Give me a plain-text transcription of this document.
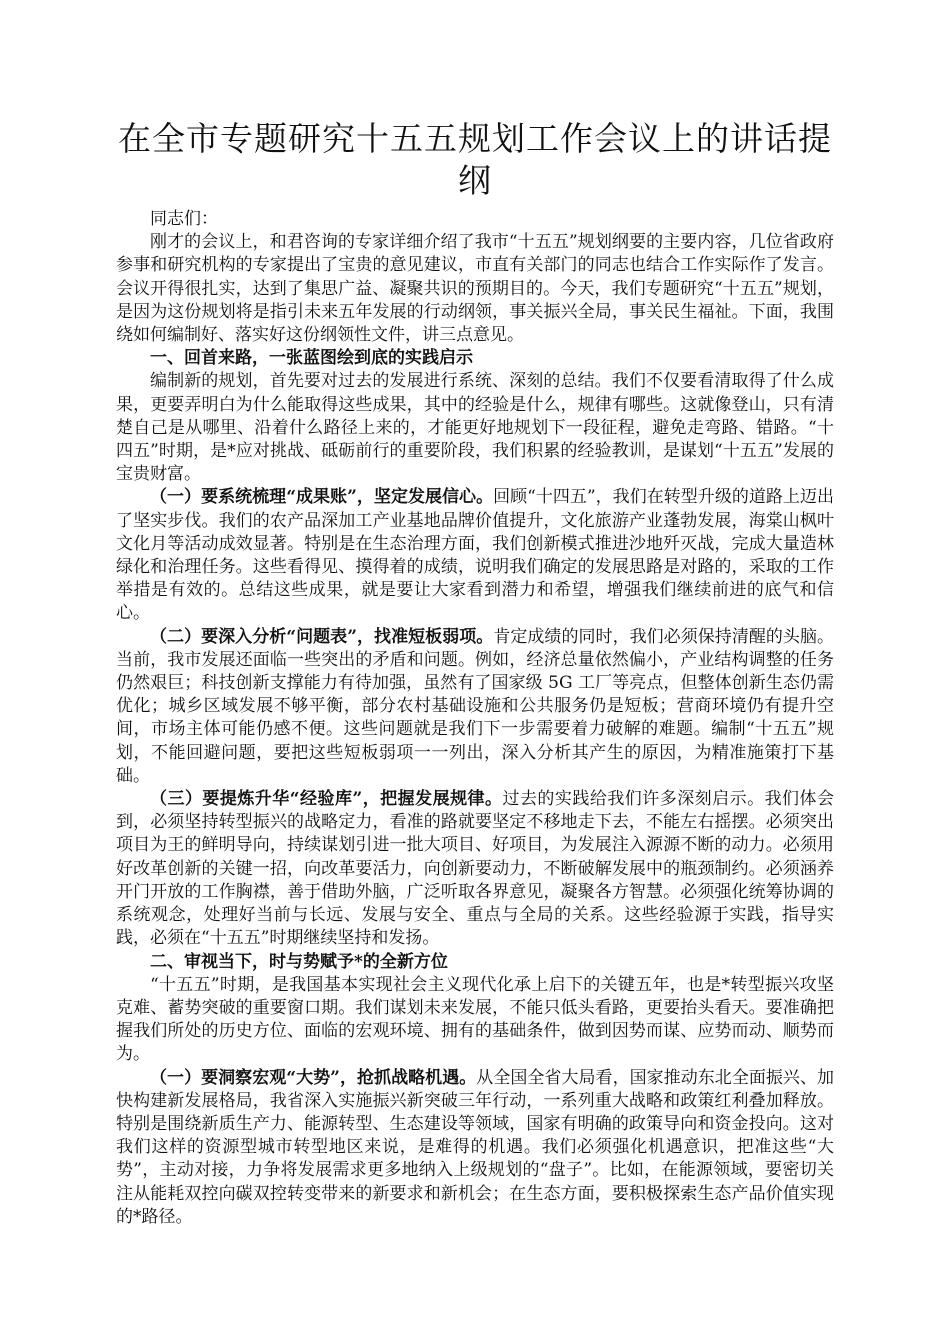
在全市专题研究十五五规划工作会议上的讲话提纲

同志们：

刚才的会议上，和君咨询的专家详细介绍了我市“十五五”规划纲要的主要内容，几位省政府参事和研究机构的专家提出了宝贵的意见建议，市直有关部门的同志也结合工作实际作了发言。会议开得很扎实，达到了集思广益、凝聚共识的预期目的。今天，我们专题研究“十五五”规划，是因为这份规划将是指引未来五年发展的行动纲领，事关振兴全局，事关民生福祉。下面，我围绕如何编制好、落实好这份纲领性文件，讲三点意见。

一、回首来路，一张蓝图绘到底的实践启示

编制新的规划，首先要对过去的发展进行系统、深刻的总结。我们不仅要看清取得了什么成果，更要弄明白为什么能取得这些成果，其中的经验是什么，规律有哪些。这就像登山，只有清楚自己是从哪里、沿着什么路径上来的，才能更好地规划下一段征程，避免走弯路、错路。“十四五”时期，是*应对挑战、砥砺前行的重要阶段，我们积累的经验教训，是谋划“十五五”发展的宝贵财富。

（一）要系统梳理“成果账”，坚定发展信心。回顾“十四五”，我们在转型升级的道路上迈出了坚实步伐。我们的农产品深加工产业基地品牌价值提升，文化旅游产业蓬勃发展，海棠山枫叶文化月等活动成效显著。特别是在生态治理方面，我们创新模式推进沙地歼灭战，完成大量造林绿化和治理任务。这些看得见、摸得着的成绩，说明我们确定的发展思路是对路的，采取的工作举措是有效的。总结这些成果，就是要让大家看到潜力和希望，增强我们继续前进的底气和信心。

（二）要深入分析“问题表”，找准短板弱项。肯定成绩的同时，我们必须保持清醒的头脑。当前，我市发展还面临一些突出的矛盾和问题。例如，经济总量依然偏小，产业结构调整的任务仍然艰巨；科技创新支撑能力有待加强，虽然有了国家级 5G 工厂等亮点，但整体创新生态仍需优化；城乡区域发展不够平衡，部分农村基础设施和公共服务仍是短板；营商环境仍有提升空间，市场主体可能仍感不便。这些问题就是我们下一步需要着力破解的难题。编制“十五五”规划，不能回避问题，要把这些短板弱项一一列出，深入分析其产生的原因，为精准施策打下基础。

（三）要提炼升华“经验库”，把握发展规律。过去的实践给我们许多深刻启示。我们体会到，必须坚持转型振兴的战略定力，看准的路就要坚定不移地走下去，不能左右摇摆。必须突出项目为王的鲜明导向，持续谋划引进一批大项目、好项目，为发展注入源源不断的动力。必须用好改革创新的关键一招，向改革要活力，向创新要动力，不断破解发展中的瓶颈制约。必须涵养开门开放的工作胸襟，善于借助外脑，广泛听取各界意见，凝聚各方智慧。必须强化统筹协调的系统观念，处理好当前与长远、发展与安全、重点与全局的关系。这些经验源于实践，指导实践，必须在“十五五”时期继续坚持和发扬。

二、审视当下，时与势赋予*的全新方位

“十五五”时期，是我国基本实现社会主义现代化承上启下的关键五年，也是*转型振兴攻坚克难、蓄势突破的重要窗口期。我们谋划未来发展，不能只低头看路，更要抬头看天。要准确把握我们所处的历史方位、面临的宏观环境、拥有的基础条件，做到因势而谋、应势而动、顺势而为。

（一）要洞察宏观“大势”，抢抓战略机遇。从全国全省大局看，国家推动东北全面振兴、加快构建新发展格局，我省深入实施振兴新突破三年行动，一系列重大战略和政策红利叠加释放。特别是围绕新质生产力、能源转型、生态建设等领域，国家有明确的政策导向和资金投向。这对我们这样的资源型城市转型地区来说，是难得的机遇。我们必须强化机遇意识，把准这些“大势”，主动对接，力争将发展需求更多地纳入上级规划的“盘子”。比如，在能源领域，要密切关注从能耗双控向碳双控转变带来的新要求和新机会；在生态方面，要积极探索生态产品价值实现的*路径。
